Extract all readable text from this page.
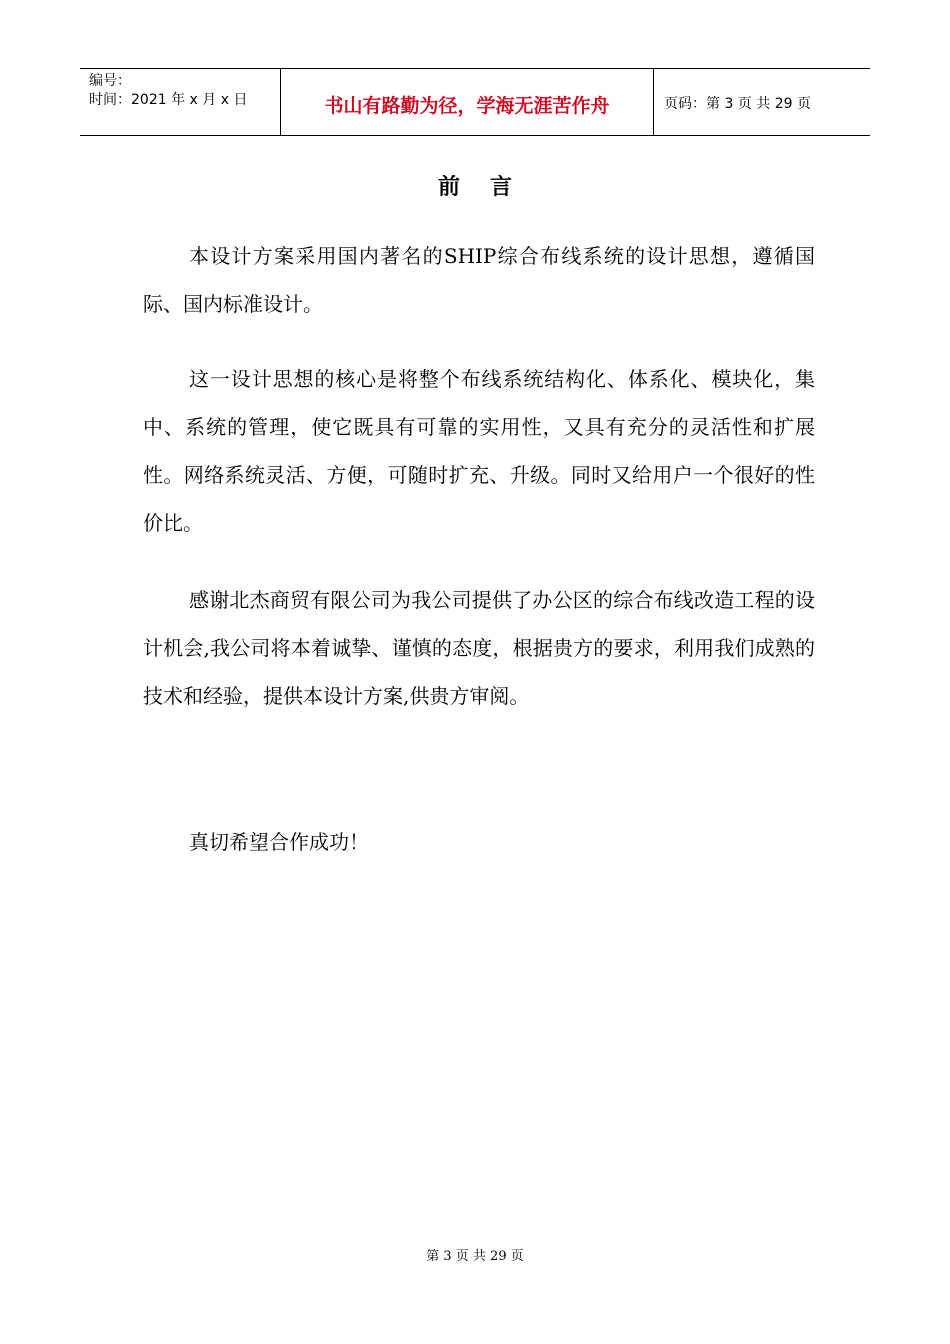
编号：
时间：2021 年 x 月 x 日	书山有路勤为径，学海无涯苦作舟	页码：第 3 页 共 29 页
前言

本设计方案采用国内著名的SHIP综合布线系统的设计思想，遵循国际、国内标准设计。

这一设计思想的核心是将整个布线系统结构化、体系化、模块化，集中、系统的管理，使它既具有可靠的实用性，又具有充分的灵活性和扩展性。网络系统灵活、方便，可随时扩充、升级。同时又给用户一个很好的性价比。

感谢北杰商贸有限公司为我公司提供了办公区的综合布线改造工程的设计机会,我公司将本着诚挚、谨慎的态度，根据贵方的要求，利用我们成熟的技术和经验，提供本设计方案,供贵方审阅。

真切希望合作成功！

第 3 页 共 29 页
